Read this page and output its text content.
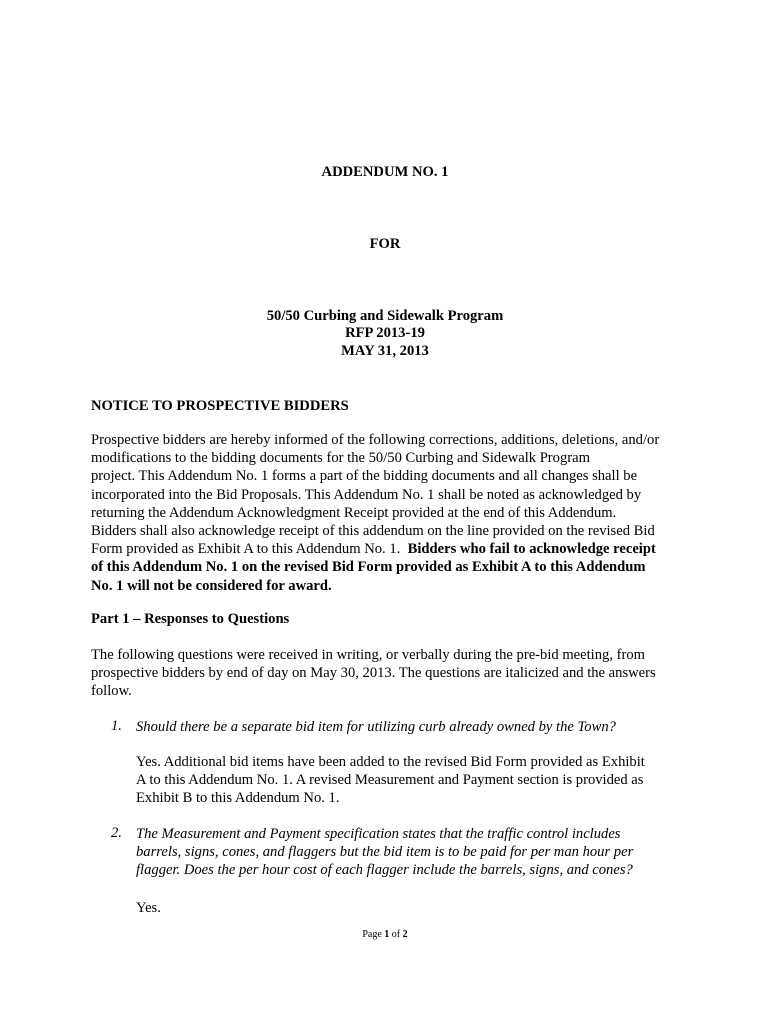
ADDENDUM NO. 1
FOR
50/50 Curbing and Sidewalk Program
RFP 2013-19
MAY 31, 2013
NOTICE TO PROSPECTIVE BIDDERS
Prospective bidders are hereby informed of the following corrections, additions, deletions, and/or
modifications to the bidding documents for the 50/50 Curbing and Sidewalk Program
project. This Addendum No. 1 forms a part of the bidding documents and all changes shall be
incorporated into the Bid Proposals. This Addendum No. 1 shall be noted as acknowledged by
returning the Addendum Acknowledgment Receipt provided at the end of this Addendum.
Bidders shall also acknowledge receipt of this addendum on the line provided on the revised Bid
Form provided as Exhibit A to this Addendum No. 1.  Bidders who fail to acknowledge receipt
of this Addendum No. 1 on the revised Bid Form provided as Exhibit A to this Addendum
No. 1 will not be considered for award.
Part 1 – Responses to Questions
The following questions were received in writing, or verbally during the pre-bid meeting, from
prospective bidders by end of day on May 30, 2013. The questions are italicized and the answers
follow.
1. Should there be a separate bid item for utilizing curb already owned by the Town?
Yes. Additional bid items have been added to the revised Bid Form provided as Exhibit
A to this Addendum No. 1. A revised Measurement and Payment section is provided as
Exhibit B to this Addendum No. 1.
2. The Measurement and Payment specification states that the traffic control includes
barrels, signs, cones, and flaggers but the bid item is to be paid for per man hour per
flagger. Does the per hour cost of each flagger include the barrels, signs, and cones?
Yes.
Page 1 of 2
